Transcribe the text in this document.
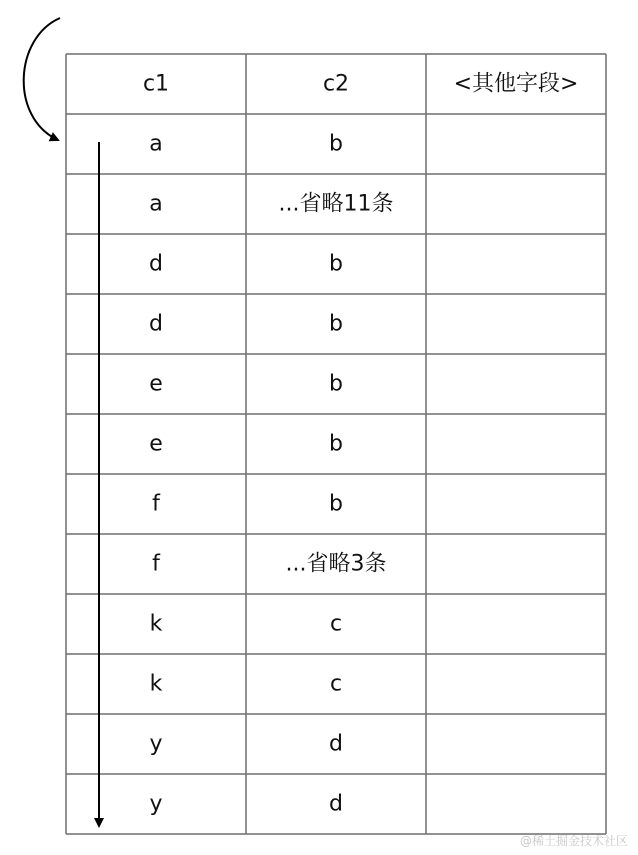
c1	c2	<其他字段>
a	b
a	...省略11条
d	b
d	b
e	b
e	b
f	b
f	...省略3条
k	c
k	c
y	d
y	d
@稀土掘金技术社区
